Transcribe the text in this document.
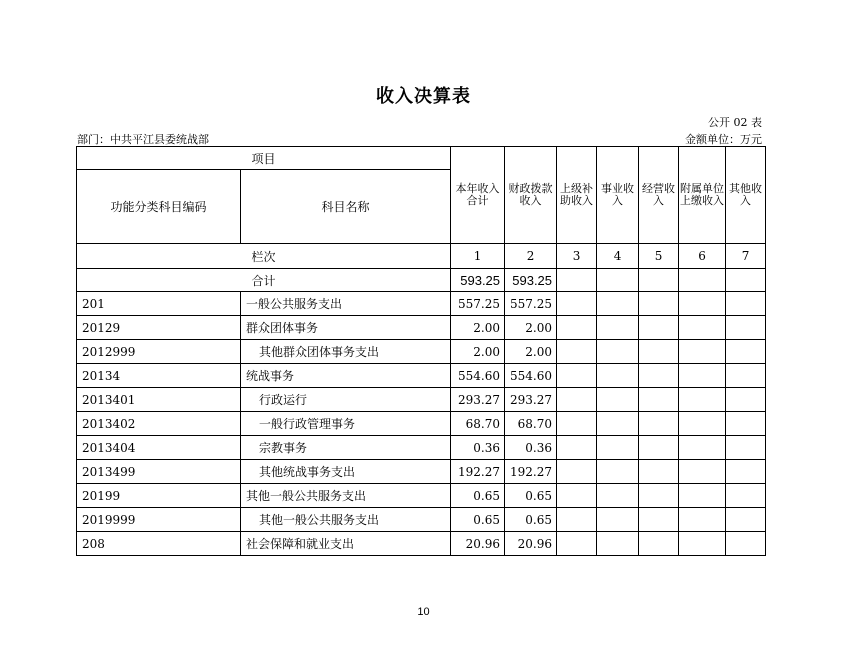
收入决算表
公开 02 表
部门：中共平江县委统战部	金额单位：万元
项目		本年收入合计	财政拨款收入	上级补助收入	事业收入	经营收入	附属单位上缴收入	其他收入
功能分类科目编码	科目名称							
栏次		1	2	3	4	5	6	7
合计		593.25	593.25					
201	一般公共服务支出	557.25	557.25					
20129	群众团体事务	2.00	2.00					
2012999	其他群众团体事务支出	2.00	2.00					
20134	统战事务	554.60	554.60					
2013401	行政运行	293.27	293.27					
2013402	一般行政管理事务	68.70	68.70					
2013404	宗教事务	0.36	0.36					
2013499	其他统战事务支出	192.27	192.27					
20199	其他一般公共服务支出	0.65	0.65					
2019999	其他一般公共服务支出	0.65	0.65					
208	社会保障和就业支出	20.96	20.96					
10
